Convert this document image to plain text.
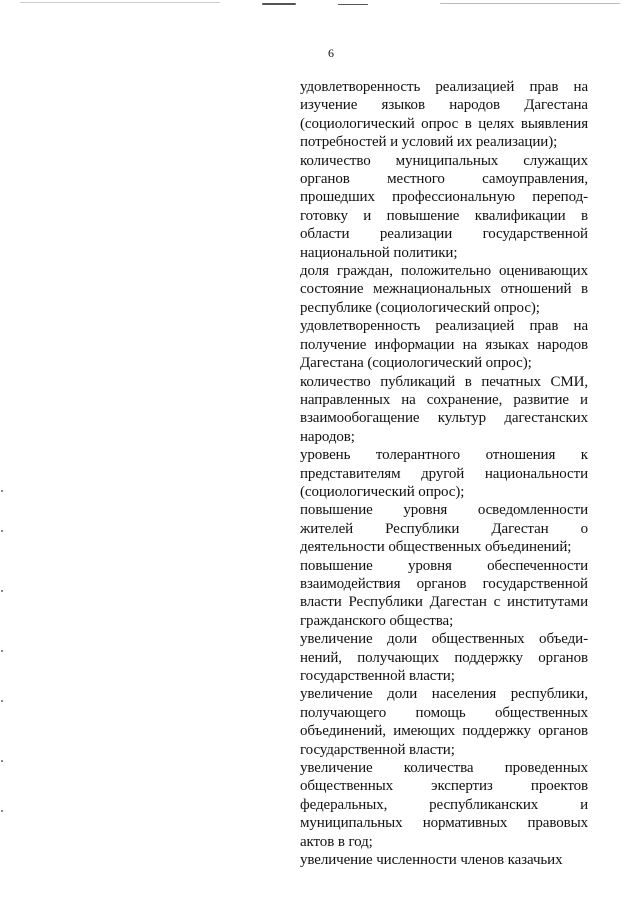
6

удовлетворенность реализацией прав на изучение языков народов Дагестана (социологический опрос в целях выявления потребностей и условий их реализации);

количество муниципальных служащих органов местного самоуправления, прошедших профессиональную перепод-готовку и повышение квалификации в области реализации государственной национальной политики;

доля граждан, положительно оценивающих состояние межнациональных отношений в республике (социологический опрос);

удовлетворенность реализацией прав на получение информации на языках народов Дагестана (социологический опрос);

количество публикаций в печатных СМИ, направленных на сохранение, развитие и взаимообогащение культур дагестанских народов;

уровень толерантного отношения к представителям другой национальности (социологический опрос);

повышение уровня осведомленности жителей Республики Дагестан о деятельности общественных объединений;

повышение уровня обеспеченности взаимодействия органов государственной власти Республики Дагестан с институтами гражданского общества;

увеличение доли общественных объеди-нений, получающих поддержку органов государственной власти;

увеличение доли населения республики, получающего помощь общественных объединений, имеющих поддержку органов государственной власти;

увеличение количества проведенных общественных экспертиз проектов федеральных, республиканских и муниципальных нормативных правовых актов в год;

увеличение численности членов казачьих
